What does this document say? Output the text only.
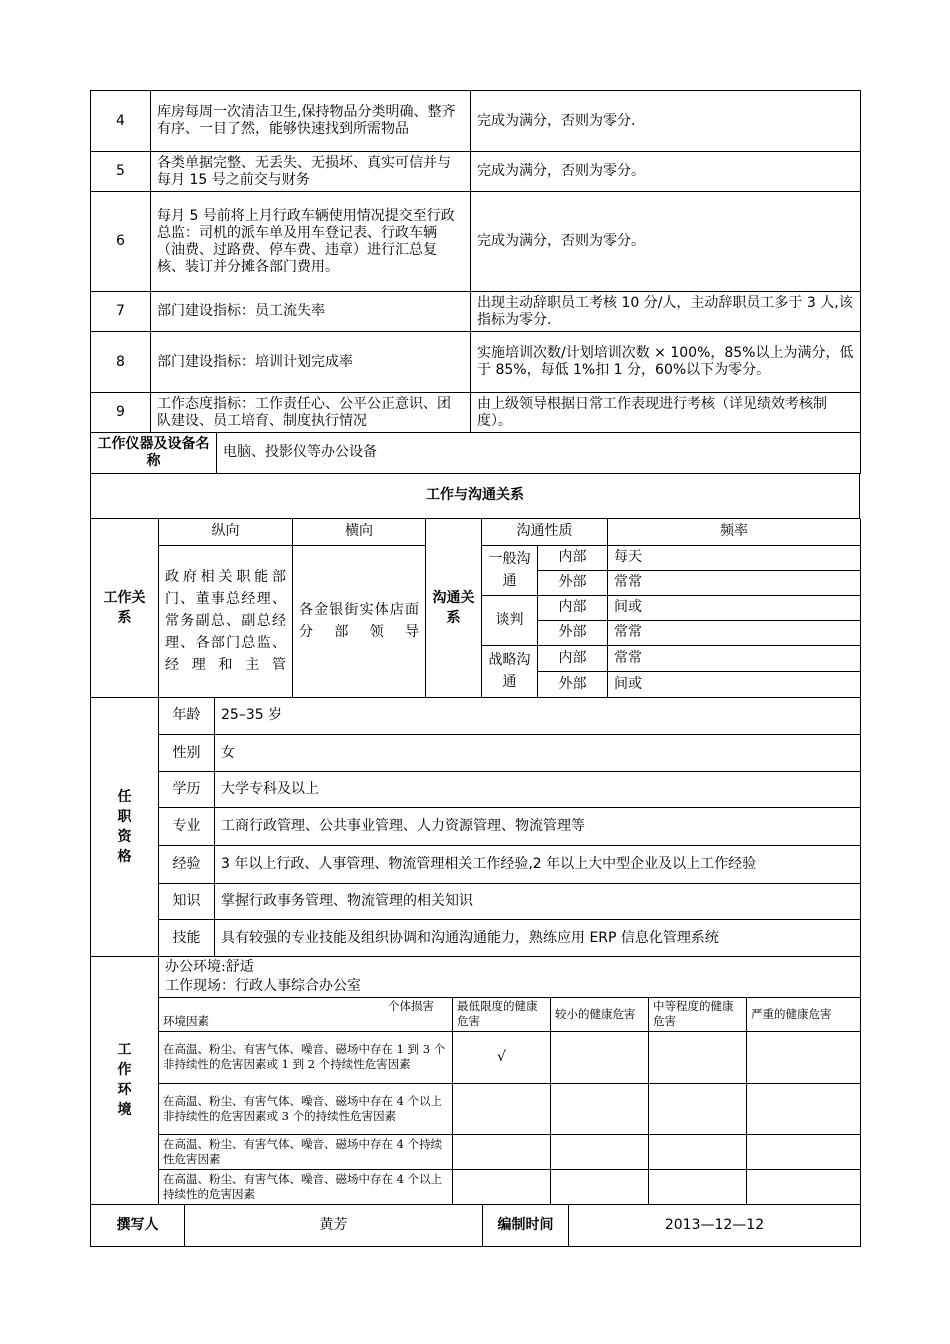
4	库房每周一次清洁卫生,保持物品分类明确、整齐有序、一目了然，能够快速找到所需物品	完成为满分，否则为零分.
5	各类单据完整、无丢失、无损坏、真实可信并与每月 15 号之前交与财务	完成为满分，否则为零分。
6	每月 5 号前将上月行政车辆使用情况提交至行政总监：司机的派车单及用车登记表、行政车辆（油费、过路费、停车费、违章）进行汇总复核、装订并分摊各部门费用。	完成为满分，否则为零分。
7	部门建设指标：员工流失率	出现主动辞职员工考核 10 分/人，主动辞职员工多于 3 人,该指标为零分.
8	部门建设指标：培训计划完成率	实施培训次数/计划培训次数 × 100%，85%以上为满分，低于 85%，每低 1%扣 1 分，60%以下为零分。
9	工作态度指标：工作责任心、公平公正意识、团队建设、员工培育、制度执行情况	由上级领导根据日常工作表现进行考核（详见绩效考核制度）。
工作仪器及设备名称	电脑、投影仪等办公设备
工作与沟通关系
工作关系	纵向	横向	沟通关系	沟通性质		频率
	政府相关职能部门、董事总经理、常务副总、副总经理、各部门总监、经理和主管	各金银街实体店面分部领导		一般沟通	内部	每天
					外部	常常
				谈判	内部	间或
					外部	常常
				战略沟通	内部	常常
					外部	间或
任职资格	年龄	25–35 岁
	性别	女
	学历	大学专科及以上
	专业	工商行政管理、公共事业管理、人力资源管理、物流管理等
	经验	3 年以上行政、人事管理、物流管理相关工作经验,2 年以上大中型企业及以上工作经验
	知识	掌握行政事务管理、物流管理的相关知识
	技能	具有较强的专业技能及组织协调和沟通沟通能力，熟练应用 ERP 信息化管理系统
工作环境	办公环境:舒适				
	工作现场：行政人事综合办公室				

	个体损害
环境因素	最低限度的健康危害	较小的健康危害	中等程度的健康危害	严重的健康危害
	在高温、粉尘、有害气体、噪音、磁场中存在 1 到 3 个非持续性的危害因素或 1 到 2 个持续性危害因素	√			
	在高温、粉尘、有害气体、噪音、磁场中存在 4 个以上非持续性的危害因素或 3 个的持续性危害因素				
	在高温、粉尘、有害气体、噪音、磁场中存在 4 个持续性危害因素				
	在高温、粉尘、有害气体、噪音、磁场中存在 4 个以上持续性的危害因素				
撰写人	黄芳	编制时间	2013—12—12
